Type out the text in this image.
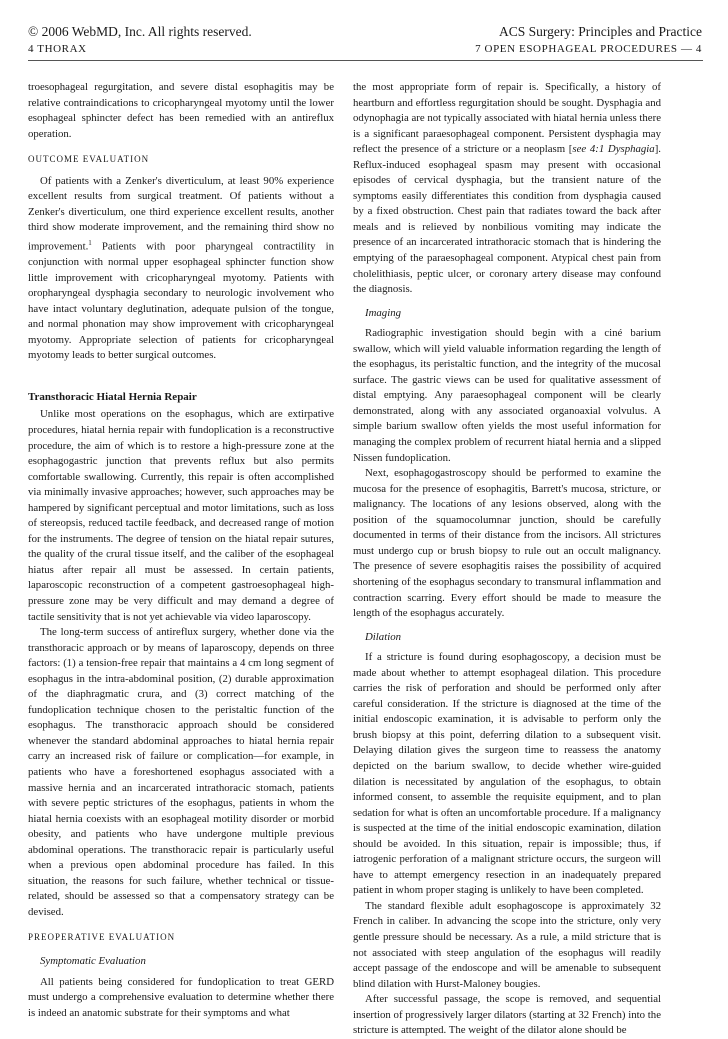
© 2006 WebMD, Inc. All rights reserved.
4 THORAX
ACS Surgery: Principles and Practice
7 OPEN ESOPHAGEAL PROCEDURES — 4

troesophageal regurgitation, and severe distal esophagitis may be relative contraindications to cricopharyngeal myotomy until the lower esophageal sphincter defect has been remedied with an antireflux operation.

OUTCOME EVALUATION

Of patients with a Zenker's diverticulum, at least 90% experience excellent results from surgical treatment. Of patients without a Zenker's diverticulum, one third experience excellent results, another third show moderate improvement, and the remaining third show no improvement.$^1$ Patients with poor pharyngeal contractility in conjunction with normal upper esophageal sphincter function show little improvement with cricopharyngeal myotomy. Patients with oropharyngeal dysphagia secondary to neurologic involvement who have intact voluntary deglutination, adequate pulsion of the tongue, and normal phonation may show improvement with cricopharyngeal myotomy. Appropriate selection of patients for cricopharyngeal myotomy leads to better surgical outcomes.

Transthoracic Hiatal Hernia Repair

Unlike most operations on the esophagus, which are extirpative procedures, hiatal hernia repair with fundoplication is a reconstructive procedure, the aim of which is to restore a high-pressure zone at the esophagogastric junction that prevents reflux but also permits comfortable swallowing. Currently, this repair is often accomplished via minimally invasive approaches; however, such approaches may be hampered by significant perceptual and motor limitations, such as loss of stereopsis, reduced tactile feedback, and decreased range of motion for the instruments. The degree of tension on the hiatal repair sutures, the quality of the crural tissue itself, and the caliber of the esophageal hiatus after repair all must be assessed. In certain patients, laparoscopic reconstruction of a competent gastroesophageal high-pressure zone may be very difficult and may demand a degree of tactile sensitivity that is not yet achievable via video laparoscopy.

The long-term success of antireflux surgery, whether done via the transthoracic approach or by means of laparoscopy, depends on three factors: (1) a tension-free repair that maintains a 4 cm long segment of esophagus in the intra-abdominal position, (2) durable approximation of the diaphragmatic crura, and (3) correct matching of the fundoplication technique chosen to the peristaltic function of the esophagus. The transthoracic approach should be considered whenever the standard abdominal approaches to hiatal hernia repair carry an increased risk of failure or complication—for example, in patients who have a foreshortened esophagus associated with a massive hernia and an incarcerated intrathoracic stomach, patients with severe peptic strictures of the esophagus, patients in whom the hiatal hernia coexists with an esophageal motility disorder or morbid obesity, and patients who have undergone multiple previous abdominal operations. The transthoracic repair is particularly useful when a previous open abdominal procedure has failed. In this situation, the reasons for such failure, whether technical or tissue-related, should be assessed so that a compensatory strategy can be devised.

PREOPERATIVE EVALUATION
Symptomatic Evaluation

All patients being considered for fundoplication to treat GERD must undergo a comprehensive evaluation to determine whether there is indeed an anatomic substrate for their symptoms and what

the most appropriate form of repair is. Specifically, a history of heartburn and effortless regurgitation should be sought. Dysphagia and odynophagia are not typically associated with hiatal hernia unless there is a significant paraesophageal component. Persistent dysphagia may reflect the presence of a stricture or a neoplasm [see 4:1 Dysphagia]. Reflux-induced esophageal spasm may present with occasional episodes of cervical dysphagia, but the transient nature of the symptoms easily differentiates this condition from dysphagia caused by a fixed obstruction. Chest pain that radiates toward the back after meals and is relieved by nonbilious vomiting may indicate the presence of an incarcerated intrathoracic stomach that is hindering the emptying of the paraesophageal component. Atypical chest pain from cholelithiasis, peptic ulcer, or coronary artery disease may confound the diagnosis.

Imaging

Radiographic investigation should begin with a ciné barium swallow, which will yield valuable information regarding the length of the esophagus, its peristaltic function, and the integrity of the mucosal surface. The gastric views can be used for qualitative assessment of distal emptying. Any paraesophageal component will be clearly demonstrated, along with any associated organoaxial volvulus. A simple barium swallow often yields the most useful information for managing the complex problem of recurrent hiatal hernia and a slipped Nissen fundoplication.

Next, esophagogastroscopy should be performed to examine the mucosa for the presence of esophagitis, Barrett's mucosa, stricture, or malignancy. The locations of any lesions observed, along with the position of the squamocolumnar junction, should be carefully documented in terms of their distance from the incisors. All strictures must undergo cup or brush biopsy to rule out an occult malignancy. The presence of severe esophagitis raises the possibility of acquired shortening of the esophagus secondary to transmural inflammation and contraction scarring. Every effort should be made to measure the length of the esophagus accurately.

Dilation

If a stricture is found during esophagoscopy, a decision must be made about whether to attempt esophageal dilation. This procedure carries the risk of perforation and should be performed only after careful consideration. If the stricture is diagnosed at the time of the initial endoscopic examination, it is advisable to perform only the brush biopsy at this point, deferring dilation to a subsequent visit. Delaying dilation gives the surgeon time to reassess the anatomy depicted on the barium swallow, to decide whether wire-guided dilation is necessitated by angulation of the esophagus, to obtain informed consent, to assemble the requisite equipment, and to plan sedation for what is often an uncomfortable procedure. If a malignancy is suspected at the time of the initial endoscopic examination, dilation should be avoided. In this situation, repair is impossible; thus, if iatrogenic perforation of a malignant stricture occurs, the surgeon will have to attempt emergency resection in an inadequately prepared patient in whom proper staging is unlikely to have been completed.

The standard flexible adult esophagoscope is approximately 32 French in caliber. In advancing the scope into the stricture, only very gentle pressure should be necessary. As a rule, a mild stricture that is not associated with steep angulation of the esophagus will readily accept passage of the endoscope and will be amenable to subsequent blind dilation with Hurst-Maloney bougies.

After successful passage, the scope is removed, and sequential insertion of progressively larger dilators (starting at 32 French) into the stricture is attempted. The weight of the dilator alone should be
